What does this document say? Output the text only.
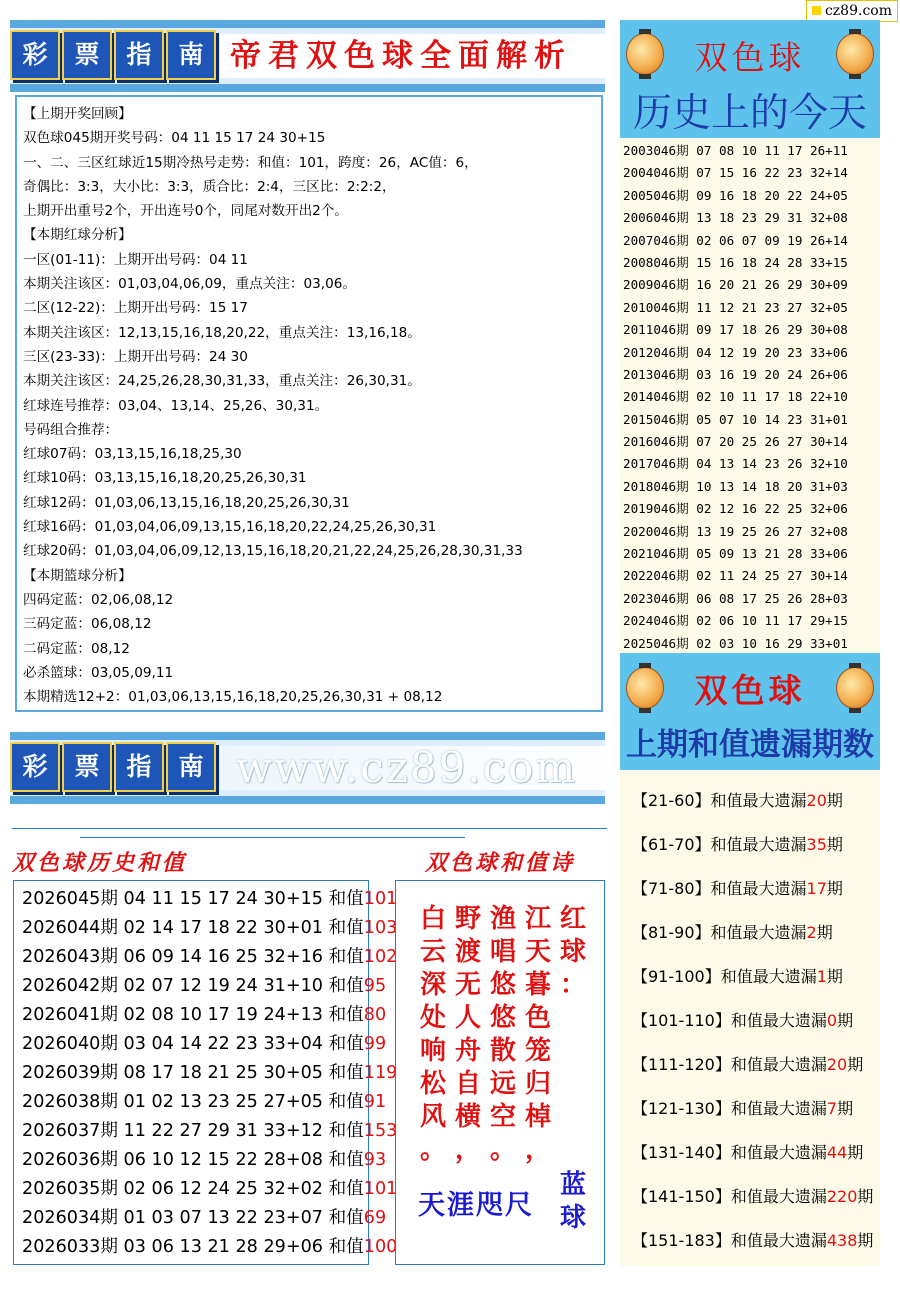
cz89.com
彩	票	指	南 帝君双色球全面解析
【上期开奖回顾】
双色球045期开奖号码：04 11 15 17 24 30+15
一、二、三区红球近15期冷热号走势：和值：101，跨度：26，AC值：6，
奇偶比：3:3，大小比：3:3，质合比：2:4，三区比：2:2:2，
上期开出重号2个，开出连号0个，同尾对数开出2个。
【本期红球分析】
一区(01-11)：上期开出号码：04 11
本期关注该区：01,03,04,06,09，重点关注：03,06。
二区(12-22)：上期开出号码：15 17
本期关注该区：12,13,15,16,18,20,22，重点关注：13,16,18。
三区(23-33)：上期开出号码：24 30
本期关注该区：24,25,26,28,30,31,33，重点关注：26,30,31。
红球连号推荐：03,04、13,14、25,26、30,31。
号码组合推荐：
红球07码：03,13,15,16,18,25,30
红球10码：03,13,15,16,18,20,25,26,30,31
红球12码：01,03,06,13,15,16,18,20,25,26,30,31
红球16码：01,03,04,06,09,13,15,16,18,20,22,24,25,26,30,31
红球20码：01,03,04,06,09,12,13,15,16,18,20,21,22,24,25,26,28,30,31,33
【本期篮球分析】
四码定蓝：02,06,08,12
三码定蓝：06,08,12
二码定蓝：08,12
必杀篮球：03,05,09,11
本期精选12+2：01,03,06,13,15,16,18,20,25,26,30,31 + 08,12
双色球
历史上的今天
2003046期 07 08 10 11 17 26+11
2004046期 07 15 16 22 23 32+14
2005046期 09 16 18 20 22 24+05
2006046期 13 18 23 29 31 32+08
2007046期 02 06 07 09 19 26+14
2008046期 15 16 18 24 28 33+15
2009046期 16 20 21 26 29 30+09
2010046期 11 12 21 23 27 32+05
2011046期 09 17 18 26 29 30+08
2012046期 04 12 19 20 23 33+06
2013046期 03 16 19 20 24 26+06
2014046期 02 10 11 17 18 22+10
2015046期 05 07 10 14 23 31+01
2016046期 07 20 25 26 27 30+14
2017046期 04 13 14 23 26 32+10
2018046期 10 13 14 18 20 31+03
2019046期 02 12 16 22 25 32+06
2020046期 13 19 25 26 27 32+08
2021046期 05 09 13 21 28 33+06
2022046期 02 11 24 25 27 30+14
2023046期 06 08 17 25 26 28+03
2024046期 02 06 10 11 17 29+15
2025046期 02 03 10 16 29 33+01
双色球
上期和值遗漏期数
【21-60】和值最大遗漏20期
【61-70】和值最大遗漏35期
【71-80】和值最大遗漏17期
【81-90】和值最大遗漏2期
【91-100】和值最大遗漏1期
【101-110】和值最大遗漏0期
【111-120】和值最大遗漏20期
【121-130】和值最大遗漏7期
【131-140】和值最大遗漏44期
【141-150】和值最大遗漏220期
【151-183】和值最大遗漏438期
彩	票	指	南 www.cz89.com
双色球历史和值	双色球和值诗
2026045期 04 11 15 17 24 30+15 和值101
2026044期 02 14 17 18 22 30+01 和值103
2026043期 06 09 14 16 25 32+16 和值102
2026042期 02 07 12 19 24 31+10 和值95
2026041期 02 08 10 17 19 24+13 和值80
2026040期 03 04 14 22 23 33+04 和值99
2026039期 08 17 18 21 25 30+05 和值119
2026038期 01 02 13 23 25 27+05 和值91
2026037期 11 22 27 29 31 33+12 和值153
2026036期 06 10 12 15 22 28+08 和值93
2026035期 02 06 12 24 25 32+02 和值101
2026034期 01 03 07 13 22 23+07 和值69
2026033期 03 06 13 21 28 29+06 和值100
红
球
：
江
天
暮
色
笼
归
棹
，
渔
唱
悠
悠
散
远
空
。
野
渡
无
人
舟
自
横
，
白
云
深
处
响
松
风
。
天涯咫尺
蓝
球
